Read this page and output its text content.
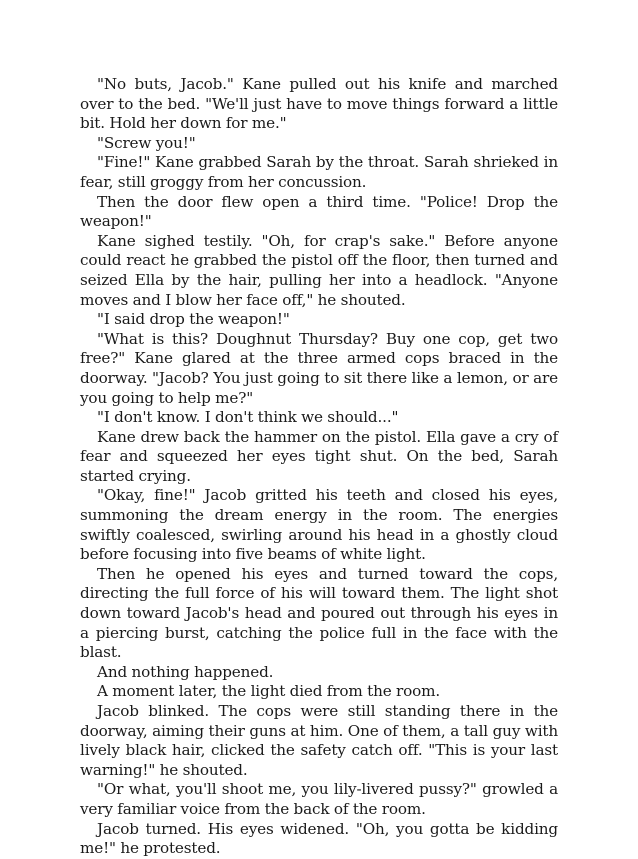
"No buts, Jacob." Kane pulled out his knife and marched over to the bed. "We'll just have to move things forward a little bit. Hold her down for me."

"Screw you!"

"Fine!" Kane grabbed Sarah by the throat. Sarah shrieked in fear, still groggy from her concussion.

Then the door flew open a third time. "Police! Drop the weapon!"

Kane sighed testily. "Oh, for crap's sake." Before anyone could react he grabbed the pistol off the floor, then turned and seized Ella by the hair, pulling her into a headlock. "Anyone moves and I blow her face off," he shouted.

"I said drop the weapon!"

"What is this? Doughnut Thursday? Buy one cop, get two free?" Kane glared at the three armed cops braced in the doorway. "Jacob? You just going to sit there like a lemon, or are you going to help me?"

"I don't know. I don't think we should..."

Kane drew back the hammer on the pistol. Ella gave a cry of fear and squeezed her eyes tight shut. On the bed, Sarah started crying.

"Okay, fine!" Jacob gritted his teeth and closed his eyes, summoning the dream energy in the room. The energies swiftly coalesced, swirling around his head in a ghostly cloud before focusing into five beams of white light.

Then he opened his eyes and turned toward the cops, directing the full force of his will toward them. The light shot down toward Jacob's head and poured out through his eyes in a piercing burst, catching the police full in the face with the blast.

And nothing happened.

A moment later, the light died from the room.

Jacob blinked. The cops were still standing there in the doorway, aiming their guns at him. One of them, a tall guy with lively black hair, clicked the safety catch off. "This is your last warning!" he shouted.

"Or what, you'll shoot me, you lily-livered pussy?" growled a very familiar voice from the back of the room.

Jacob turned. His eyes widened. "Oh, you gotta be kidding me!" he protested.
